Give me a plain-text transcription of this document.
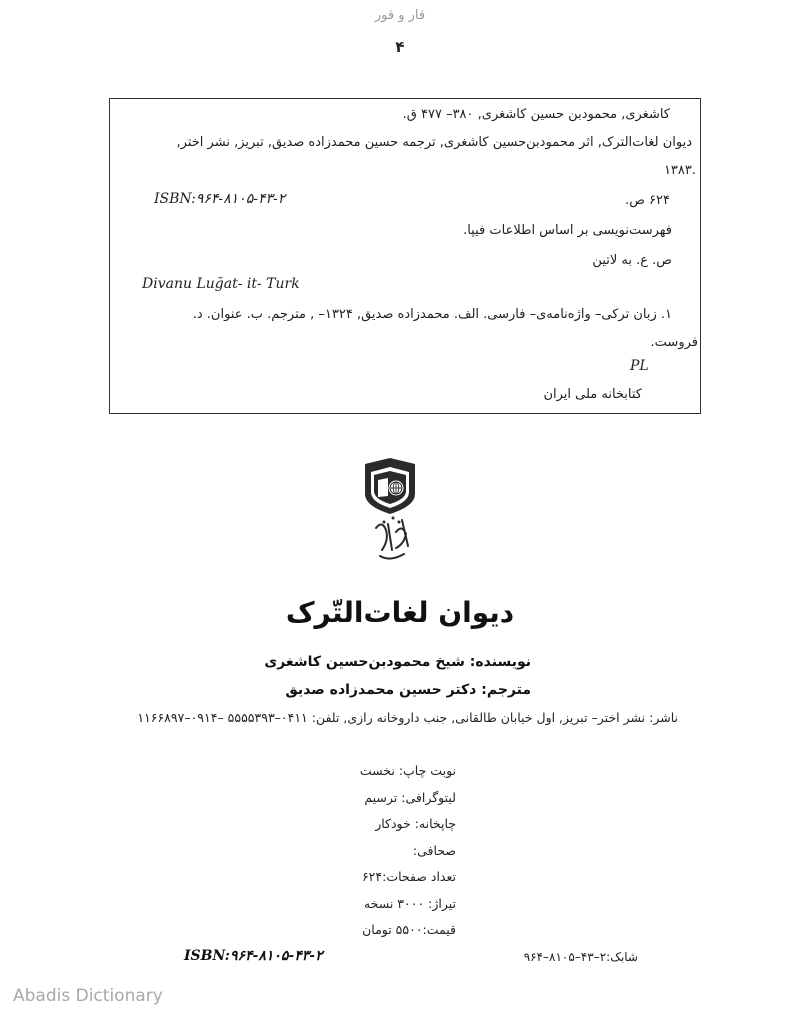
قار و قور
۴
کاشغری, محمودبن حسین کاشغری, ۳۸۰– ۴۷۷ ق.
دیوان لغات‌الترک, اثر محمودبن‌حسین کاشغری, ترجمه حسین محمدزاده صدیق, تبریز, نشر اختر,
۱۳۸۳.
۶۲۴ ص.
ISBN:۹۶۴-۸۱۰۵-۴۳-۲
فهرست‌نویسی بر اساس اطلاعات فیپا.
ص. ع. به لاتین
Divanu Luğat- it- Turk
۱. زبان ترکی– واژه‌نامه‌ی– فارسی. الف. محمدزاده صدیق, ۱۳۲۴– , مترجم. ب. عنوان. د.
فروست.
PL
کتابخانه ملی ایران
دیوان لغات‌التّرک
نویسنده: شیخ محمودبن‌حسین کاشغری
مترجم: دکتر حسین محمدزاده صدیق
ناشر: نشر اختر– تبریز, اول خیابان طالقانی, جنب داروخانه رازی, تلفن: ۰۴۱۱–۵۵۵۵۳۹۳ –۰۹۱۴–۱۱۶۶۸۹۷
نوبت چاپ: نخست
لیتوگرافی: ترسیم
چاپخانه: خودکار
صحافی:
تعداد صفحات:۶۲۴
تیراژ: ۳۰۰۰ نسخه
قیمت:۵۵۰۰ تومان
ISBN:۹۶۴-۸۱۰۵-۴۳-۲	شابک:۲–۴۳–۸۱۰۵–۹۶۴
Abadis Dictionary
